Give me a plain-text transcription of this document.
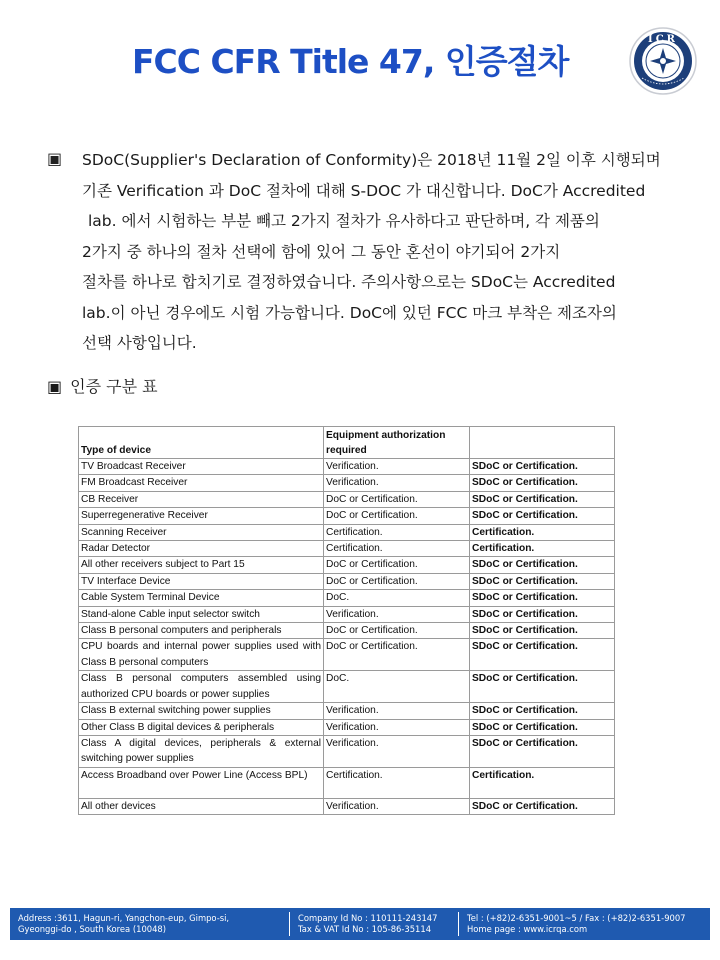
FCC CFR Title 47, 인증절차
ICR
▣ SDoC(Supplier's Declaration of Conformity)은 2018년 11월 2일 이후 시행되며
기존 Verification 과 DoC 절차에 대해 S-DOC 가 대신합니다. DoC가 Accredited
lab. 에서 시험하는 부분 빼고 2가지 절차가 유사하다고 판단하며, 각 제품의
2가지 중 하나의 절차 선택에 함에 있어 그 동안 혼선이 야기되어 2가지
절차를 하나로 합치기로 결정하였습니다. 주의사항으로는 SDoC는 Accredited
lab.이 아닌 경우에도 시험 가능합니다. DoC에 있던 FCC 마크 부착은 제조자의
선택 사항입니다.
▣ 인증 구분 표
Type of device	Equipment authorization required	
TV Broadcast Receiver	Verification.	SDoC or Certification.
FM Broadcast Receiver	Verification.	SDoC or Certification.
CB Receiver	DoC or Certification.	SDoC or Certification.
Superregenerative Receiver	DoC or Certification.	SDoC or Certification.
Scanning Receiver	Certification.	Certification.
Radar Detector	Certification.	Certification.
All other receivers subject to Part 15	DoC or Certification.	SDoC or Certification.
TV Interface Device	DoC or Certification.	SDoC or Certification.
Cable System Terminal Device	DoC.	SDoC or Certification.
Stand-alone Cable input selector switch	Verification.	SDoC or Certification.
Class B personal computers and peripherals	DoC or Certification.	SDoC or Certification.
CPU boards and internal power supplies used with Class B personal computers	DoC or Certification.	SDoC or Certification.
Class B personal computers assembled using authorized CPU boards or power supplies	DoC.	SDoC or Certification.
Class B external switching power supplies	Verification.	SDoC or Certification.
Other Class B digital devices & peripherals	Verification.	SDoC or Certification.
Class A digital devices, peripherals & external switching power supplies	Verification.	SDoC or Certification.
Access Broadband over Power Line (Access BPL)	Certification.	Certification.
All other devices	Verification.	SDoC or Certification.
Address :3611, Hagun-ri, Yangchon-eup, Gimpo-si,
Gyeonggi-do , South Korea (10048)
Company Id No : 110111-243147
Tax & VAT Id No : 105-86-35114
Tel : (+82)2-6351-9001~5 / Fax : (+82)2-6351-9007
Home page : www.icrqa.com
